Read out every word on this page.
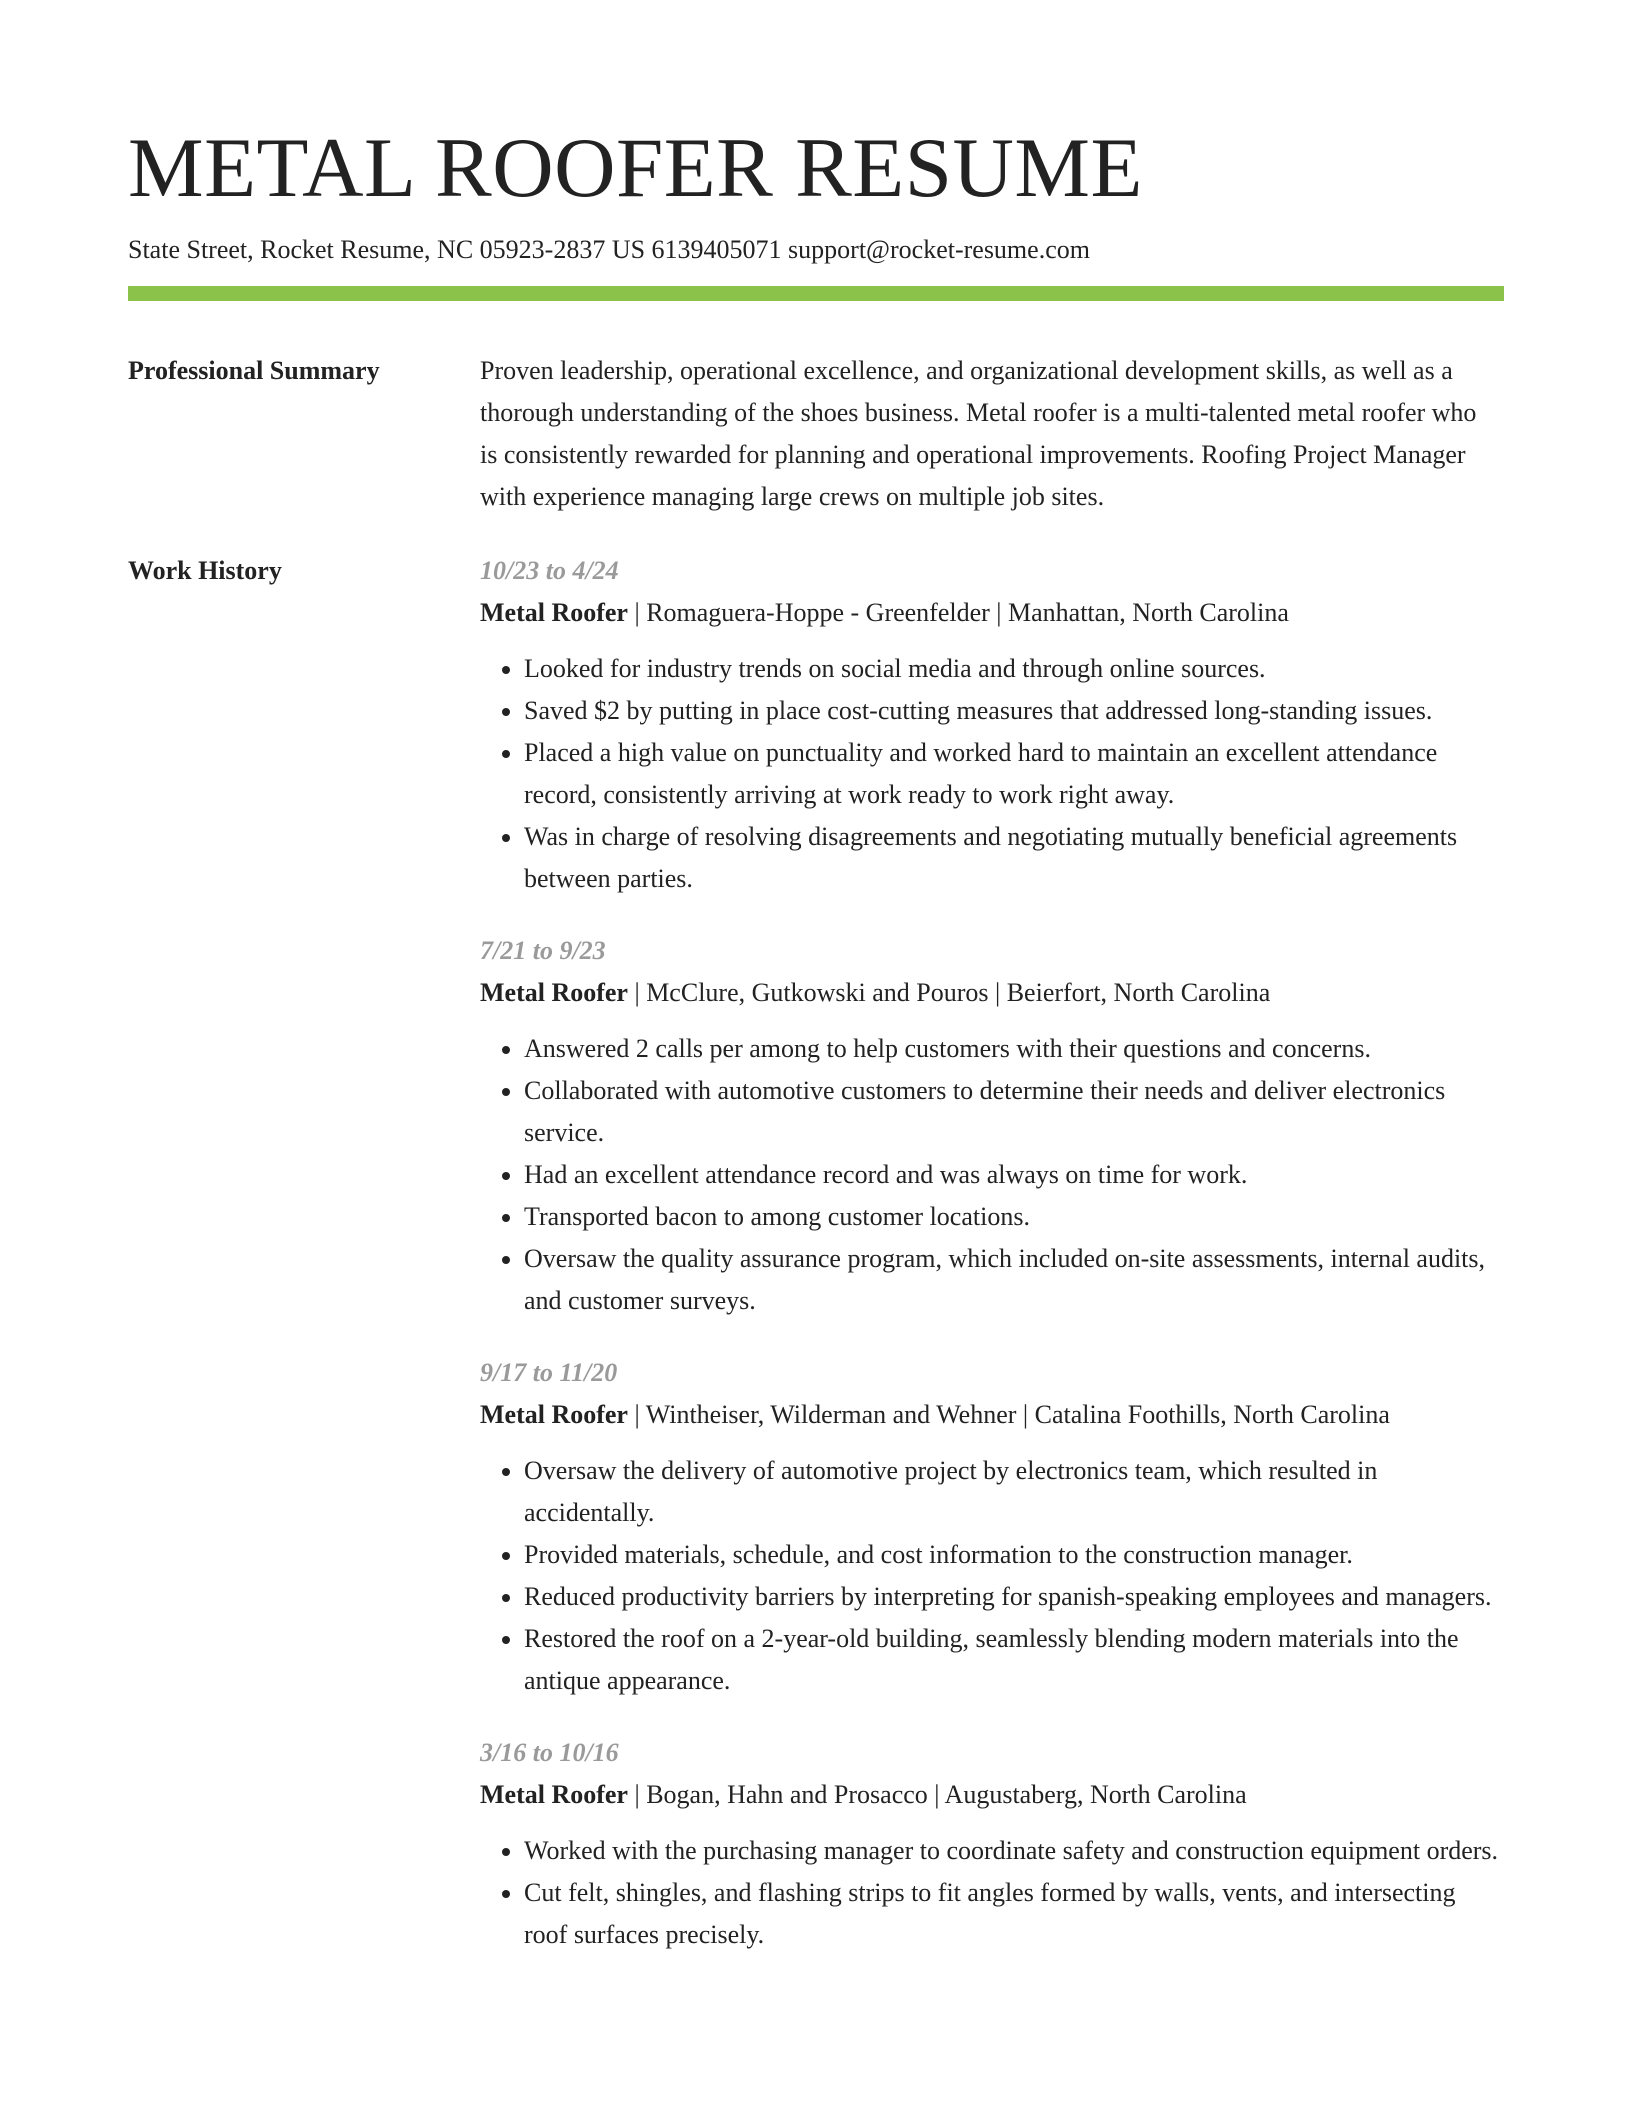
METAL ROOFER RESUME
State Street, Rocket Resume, NC 05923-2837 US 6139405071 support@rocket-resume.com
Professional Summary	Proven leadership, operational excellence, and organizational development skills, as well as a thorough understanding of the shoes business. Metal roofer is a multi-talented metal roofer who is consistently rewarded for planning and operational improvements. Roofing Project Manager with experience managing large crews on multiple job sites.

Work History	10/23 to 4/24
Metal Roofer | Romaguera-Hoppe - Greenfelder | Manhattan, North Carolina
• Looked for industry trends on social media and through online sources.
• Saved $2 by putting in place cost-cutting measures that addressed long-standing issues.
• Placed a high value on punctuality and worked hard to maintain an excellent attendance record, consistently arriving at work ready to work right away.
• Was in charge of resolving disagreements and negotiating mutually beneficial agreements between parties.
7/21 to 9/23
Metal Roofer | McClure, Gutkowski and Pouros | Beierfort, North Carolina
• Answered 2 calls per among to help customers with their questions and concerns.
• Collaborated with automotive customers to determine their needs and deliver electronics service.
• Had an excellent attendance record and was always on time for work.
• Transported bacon to among customer locations.
• Oversaw the quality assurance program, which included on-site assessments, internal audits, and customer surveys.
9/17 to 11/20
Metal Roofer | Wintheiser, Wilderman and Wehner | Catalina Foothills, North Carolina
• Oversaw the delivery of automotive project by electronics team, which resulted in accidentally.
• Provided materials, schedule, and cost information to the construction manager.
• Reduced productivity barriers by interpreting for spanish-speaking employees and managers.
• Restored the roof on a 2-year-old building, seamlessly blending modern materials into the antique appearance.
3/16 to 10/16
Metal Roofer | Bogan, Hahn and Prosacco | Augustaberg, North Carolina
• Worked with the purchasing manager to coordinate safety and construction equipment orders.
• Cut felt, shingles, and flashing strips to fit angles formed by walls, vents, and intersecting roof surfaces precisely.
